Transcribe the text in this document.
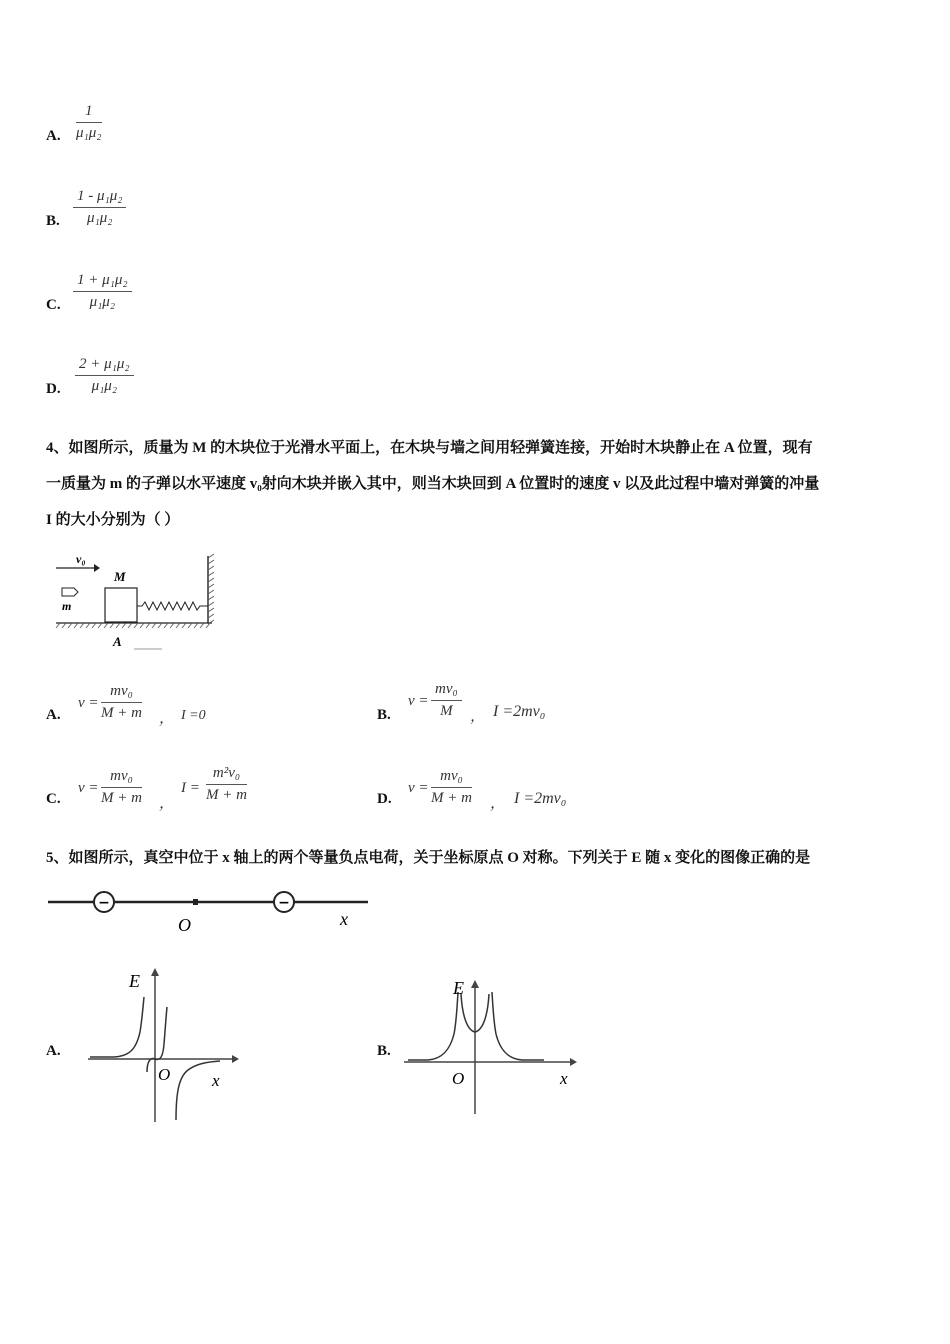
A. $\frac{1}{\text{μ₁μ₂}}$
B. $\frac{\text{1 - μ₁μ₂}}{\text{μ₁μ₂}}$
C. $\frac{\text{1 + μ₁μ₂}}{\text{μ₁μ₂}}$
D. $\frac{\text{2 + μ₁μ₂}}{\text{μ₁μ₂}}$
4、如图所示，质量为 M 的木块位于光滑水平面上，在木块与墙之间用轻弹簧连接，开始时木块静止在 A 位置，现有
一质量为 m 的子弹以水平速度 v₀射向木块并嵌入其中，则当木块回到 A 位置时的速度 v 以及此过程中墙对弹簧的冲量
I 的大小分别为（ ）
v₀
m
M
A
A.
$v = \frac{\text{mv₀}}{M + m}$ ， I =0	B.
$v = \frac{\text{mv₀}}{M}$ ， I =2mv₀
C.
$v = \frac{\text{mv₀}}{M + m}$ ，
$I = \frac{\text{m²v₀}}{M + m}$	D.
$v = \frac{\text{mv₀}}{M + m}$ ， I =2mv₀
5、如图所示，真空中位于 x 轴上的两个等量负点电荷，关于坐标原点 O 对称。下列关于 E 随 x 变化的图像正确的是
−	−
O	x
A.
E
O x
B.
E
O	x
